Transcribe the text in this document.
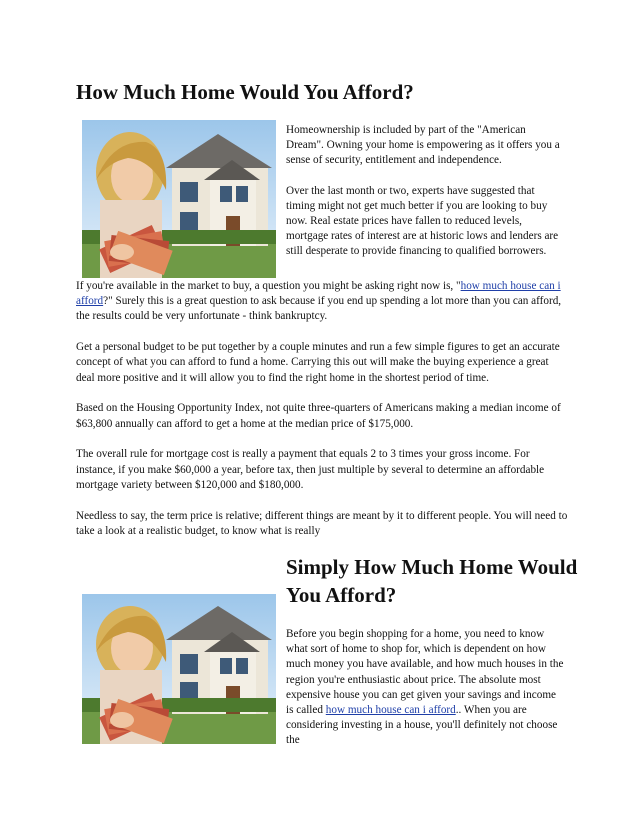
How Much Home Would You Afford?

Homeownership is included by part of the "American Dream". Owning your home is empowering as it offers you a sense of security, entitlement and independence.

Over the last month or two, experts have suggested that timing might not get much better if you are looking to buy now. Real estate prices have fallen to reduced levels, mortgage rates of interest are at historic lows and lenders are still desperate to provide financing to qualified borrowers.

If you're available in the market to buy, a question you might be asking right now is, "how much house can i afford?" Surely this is a great question to ask because if you end up spending a lot more than you can afford, the results could be very unfortunate - think bankruptcy.

Get a personal budget to be put together by a couple minutes and run a few simple figures to get an accurate concept of what you can afford to fund a home. Carrying this out will make the buying experience a great deal more positive and it will allow you to find the right home in the shortest period of time.

Based on the Housing Opportunity Index, not quite three-quarters of Americans making a median income of $63,800 annually can afford to get a home at the median price of $175,000.

The overall rule for mortgage cost is really a payment that equals 2 to 3 times your gross income. For instance, if you make $60,000 a year, before tax, then just multiple by several to determine an affordable mortgage variety between $120,000 and $180,000.

Needless to say, the term price is relative; different things are meant by it to different people. You will need to take a look at a realistic budget, to know what is really

Simply How Much Home Would You Afford?

Before you begin shopping for a home, you need to know what sort of home to shop for, which is dependent on how much money you have available, and how much houses in the region you're enthusiastic about price. The absolute most expensive house you can get given your savings and income is called how much house can i afford.. When you are considering investing in a house, you'll definitely not choose the
